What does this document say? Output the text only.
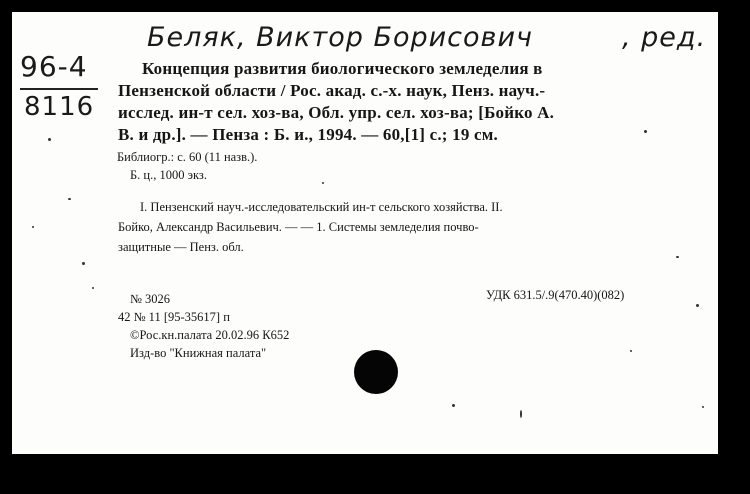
Беляк, Виктор Борисович	, ред.
96-4
8116
Концепция развития биологического земледелия в
Пензенской области / Рос. акад. с.-х. наук, Пенз. науч.-
исслед. ин-т сел. хоз-ва, Обл. упр. сел. хоз-ва; [Бойко А.
В. и др.]. — Пенза : Б. и., 1994. — 60,[1] с.; 19 см.
Библиогр.: с. 60 (11 назв.).
Б. ц., 1000 экз.
I. Пензенский науч.-исследовательский ин-т сельского хозяйства. II.
Бойко, Александр Васильевич. — — 1. Системы земледелия почво-
защитные — Пенз. обл.
№ 3026	УДК 631.5/.9(470.40)(082)
42 № 11 [95-35617] п
©Рос.кн.палата 20.02.96 К652
Изд-во "Книжная палата"
